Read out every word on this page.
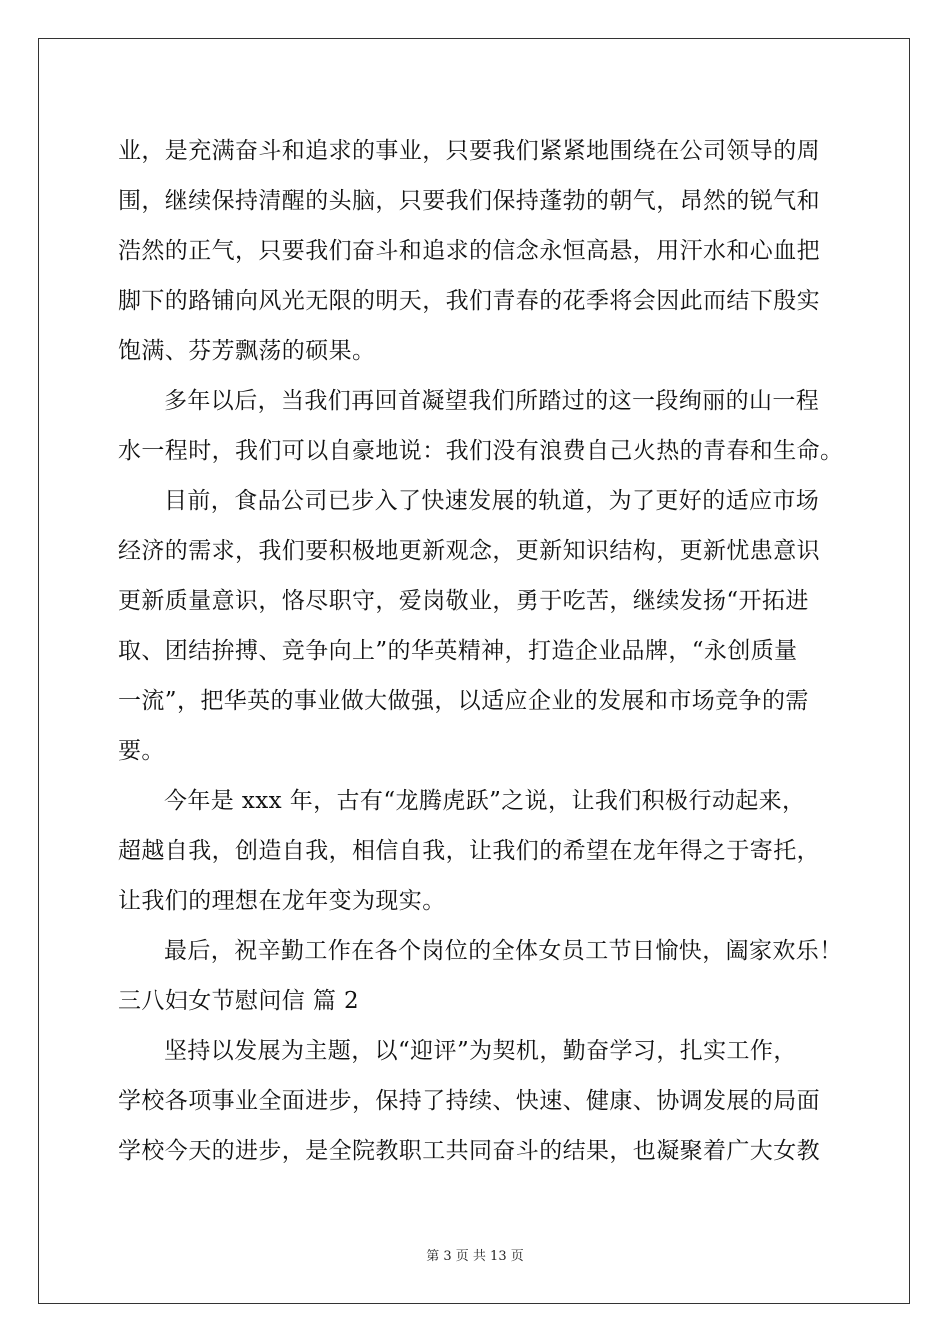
业，是充满奋斗和追求的事业，只要我们紧紧地围绕在公司领导的周
围，继续保持清醒的头脑，只要我们保持蓬勃的朝气，昂然的锐气和
浩然的正气，只要我们奋斗和追求的信念永恒高悬，用汗水和心血把
脚下的路铺向风光无限的明天，我们青春的花季将会因此而结下殷实
饱满、芬芳飘荡的硕果。
多年以后，当我们再回首凝望我们所踏过的这一段绚丽的山一程
水一程时，我们可以自豪地说：我们没有浪费自己火热的青春和生命。
目前，食品公司已步入了快速发展的轨道，为了更好的适应市场
经济的需求，我们要积极地更新观念，更新知识结构，更新忧患意识
更新质量意识，恪尽职守，爱岗敬业，勇于吃苦，继续发扬“开拓进
取、团结拚搏、竞争向上”的华英精神，打造企业品牌，“永创质量
一流”，把华英的事业做大做强，以适应企业的发展和市场竞争的需
要。
今年是 xxx 年，古有“龙腾虎跃”之说，让我们积极行动起来，
超越自我，创造自我，相信自我，让我们的希望在龙年得之于寄托，
让我们的理想在龙年变为现实。
最后，祝辛勤工作在各个岗位的全体女员工节日愉快，阖家欢乐！
三八妇女节慰问信 篇 2
坚持以发展为主题，以“迎评”为契机，勤奋学习，扎实工作，
学校各项事业全面进步，保持了持续、快速、健康、协调发展的局面
学校今天的进步，是全院教职工共同奋斗的结果，也凝聚着广大女教
第 3 页 共 13 页
